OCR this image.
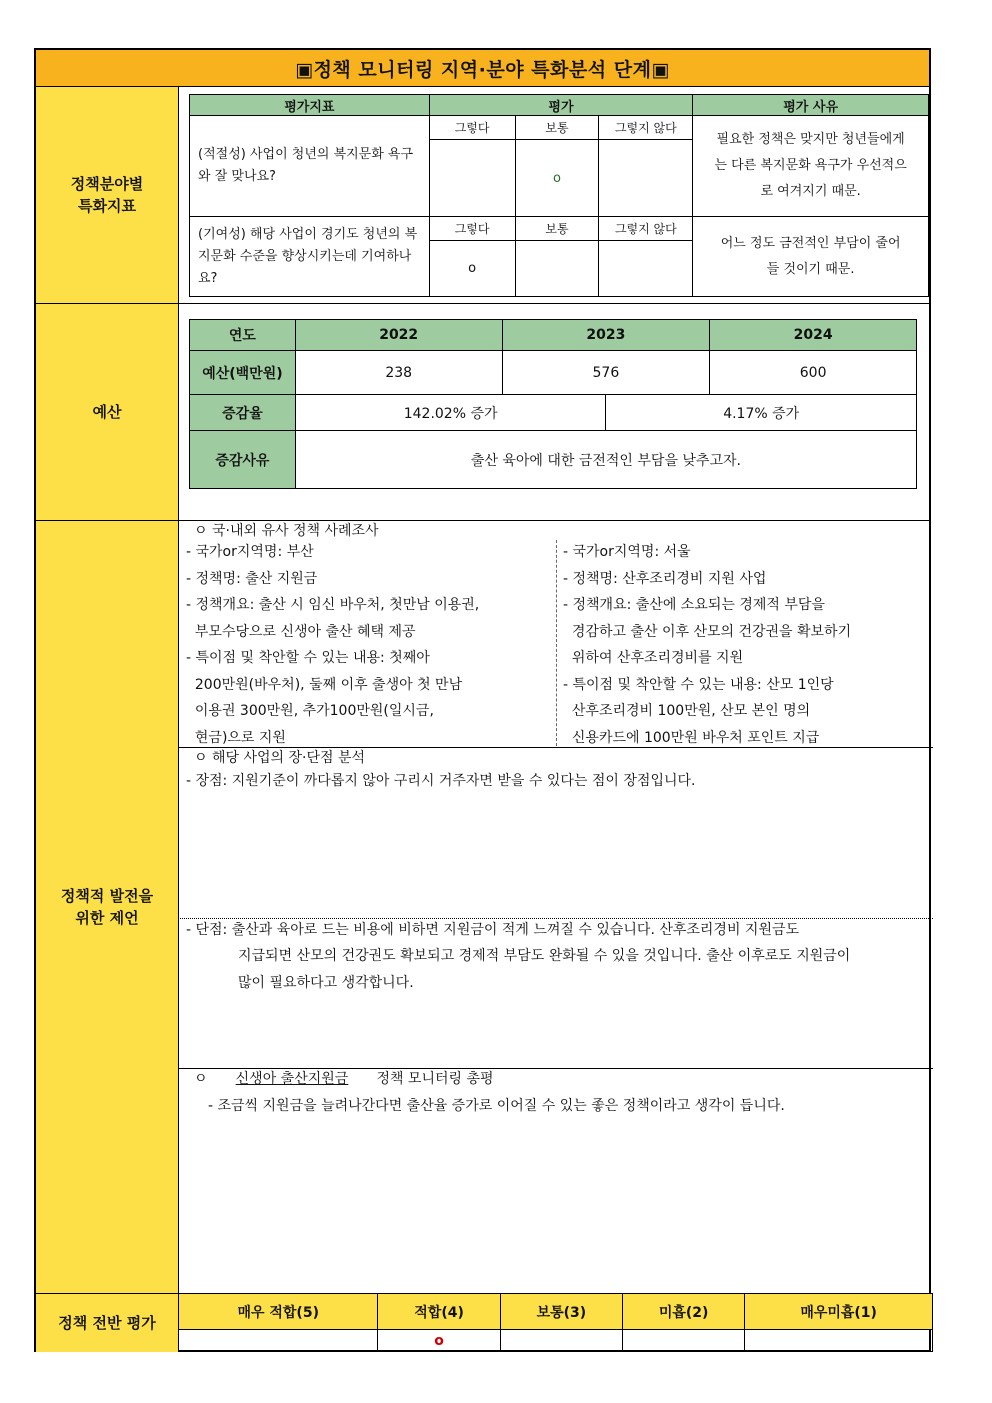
▣정책 모니터링 지역·분야 특화분석 단계▣
정책분야별
특화지표
평가지표	평가			평가 사유
(적절성) 사업이 청년의 복지문화 욕구와 잘 맞나요?	그렇다	보통	그렇지 않다	필요한 정책은 맞지만 청년들에게는 다른 복지문화 욕구가 우선적으로 여겨지기 때문.
		o		
(기여성) 해당 사업이 경기도 청년의 복지문화 수준을 향상시키는데 기여하나요?	그렇다	보통	그렇지 않다	어느 정도 금전적인 부담이 줄어들 것이기 때문.
	o			
예산
연도	2022	2023		2024
예산(백만원)	238	576		600
증감율	142.02% 증가		4.17% 증가	
증감사유	출산 육아에 대한 금전적인 부담을 낮추고자.			
정책적 발전을
위한 제언
ㅇ 국·내외 유사 정책 사례조사
- 국가or지역명: 부산
- 정책명: 출산 지원금
- 정책개요: 출산 시 임신 바우처, 첫만남 이용권,
부모수당으로 신생아 출산 혜택 제공
- 특이점 및 착안할 수 있는 내용: 첫째아
200만원(바우처), 둘째 이후 출생아 첫 만남
이용권 300만원, 추가100만원(일시금,
현금)으로 지원
- 국가or지역명: 서울
- 정책명: 산후조리경비 지원 사업
- 정책개요: 출산에 소요되는 경제적 부담을
경감하고 출산 이후 산모의 건강권을 확보하기
위하여 산후조리경비를 지원
- 특이점 및 착안할 수 있는 내용: 산모 1인당
산후조리경비 100만원, 산모 본인 명의
신용카드에 100만원 바우처 포인트 지급
ㅇ 해당 사업의 장·단점 분석
- 장점: 지원기준이 까다롭지 않아 구리시 거주자면 받을 수 있다는 점이 장점입니다.
- 단점: 출산과 육아로 드는 비용에 비하면 지원금이 적게 느껴질 수 있습니다. 산후조리경비 지원금도
지급되면 산모의 건강권도 확보되고 경제적 부담도 완화될 수 있을 것입니다. 출산 이후로도 지원금이
많이 필요하다고 생각합니다.
ㅇ 신생아 출산지원금 정책 모니터링 총평
- 조금씩 지원금을 늘려나간다면 출산율 증가로 이어질 수 있는 좋은 정책이라고 생각이 듭니다.
정책 전반 평가
매우 적합(5)	적합(4)	보통(3)	미흡(2)	매우미흡(1)
	o			
